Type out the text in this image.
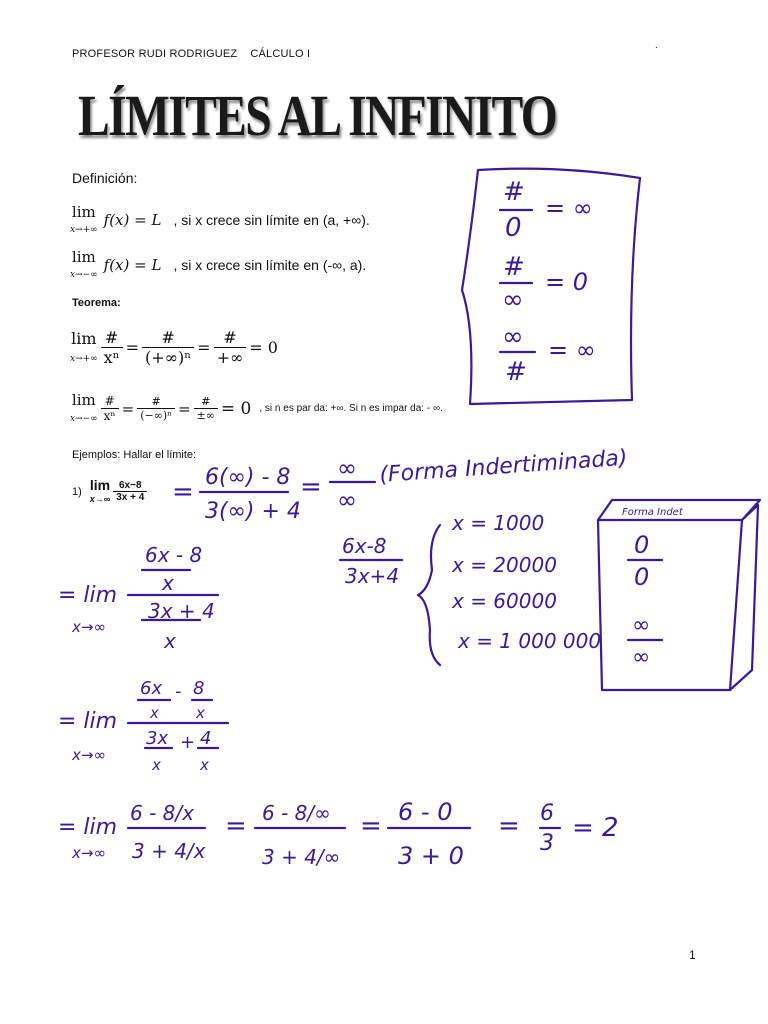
PROFESOR RUDI RODRIGUEZ CÁLCULO I
.
LÍMITES AL INFINITO
Definición:
lim
x→+∞
f(x) = L , si x crece sin límite en (a, +∞).
lim
x→−∞
f(x) = L , si x crece sin límite en (-∞, a).
Teorema:
lim
$x\to+\infty \frac{\#}{\text{xⁿ}} = \frac{\#}{\text{(+∞)ⁿ}} = \frac{\#}{+\infty} = 0$
lim
$x\to-\infty \frac{\#}{\text{xⁿ}} = \frac{\#}{\text{(−∞)ⁿ}} = \frac{\#}{\pm\infty} = 0$ , si n es par da: +∞. Si n es impar da: - ∞.
Ejemplos: Hallar el límite:
1) lim
$x\to\infty \frac{6x-8}{3x + 4}$
#
0
= ∞
#
∞
= 0
∞
#
= ∞
= 6(∞) - 8
3(∞) + 4
=
∞
∞
(Forma Indertiminada)
6x-8
3x+4
x = 1000
x = 20000
x = 60000
x = 1 000 000
Forma Indet
0
0
∞
∞
= lim
x→∞
6x - 8
x
3x + 4
x
= lim
x→∞
6x
x
- 8
x
3x
x
+ 4
x
= lim
x→∞
6 - 8/x
3 + 4/x
= 6 - 8/∞
3 + 4/∞
= 6 - 0
3 + 0
= 6
3
= 2
1
